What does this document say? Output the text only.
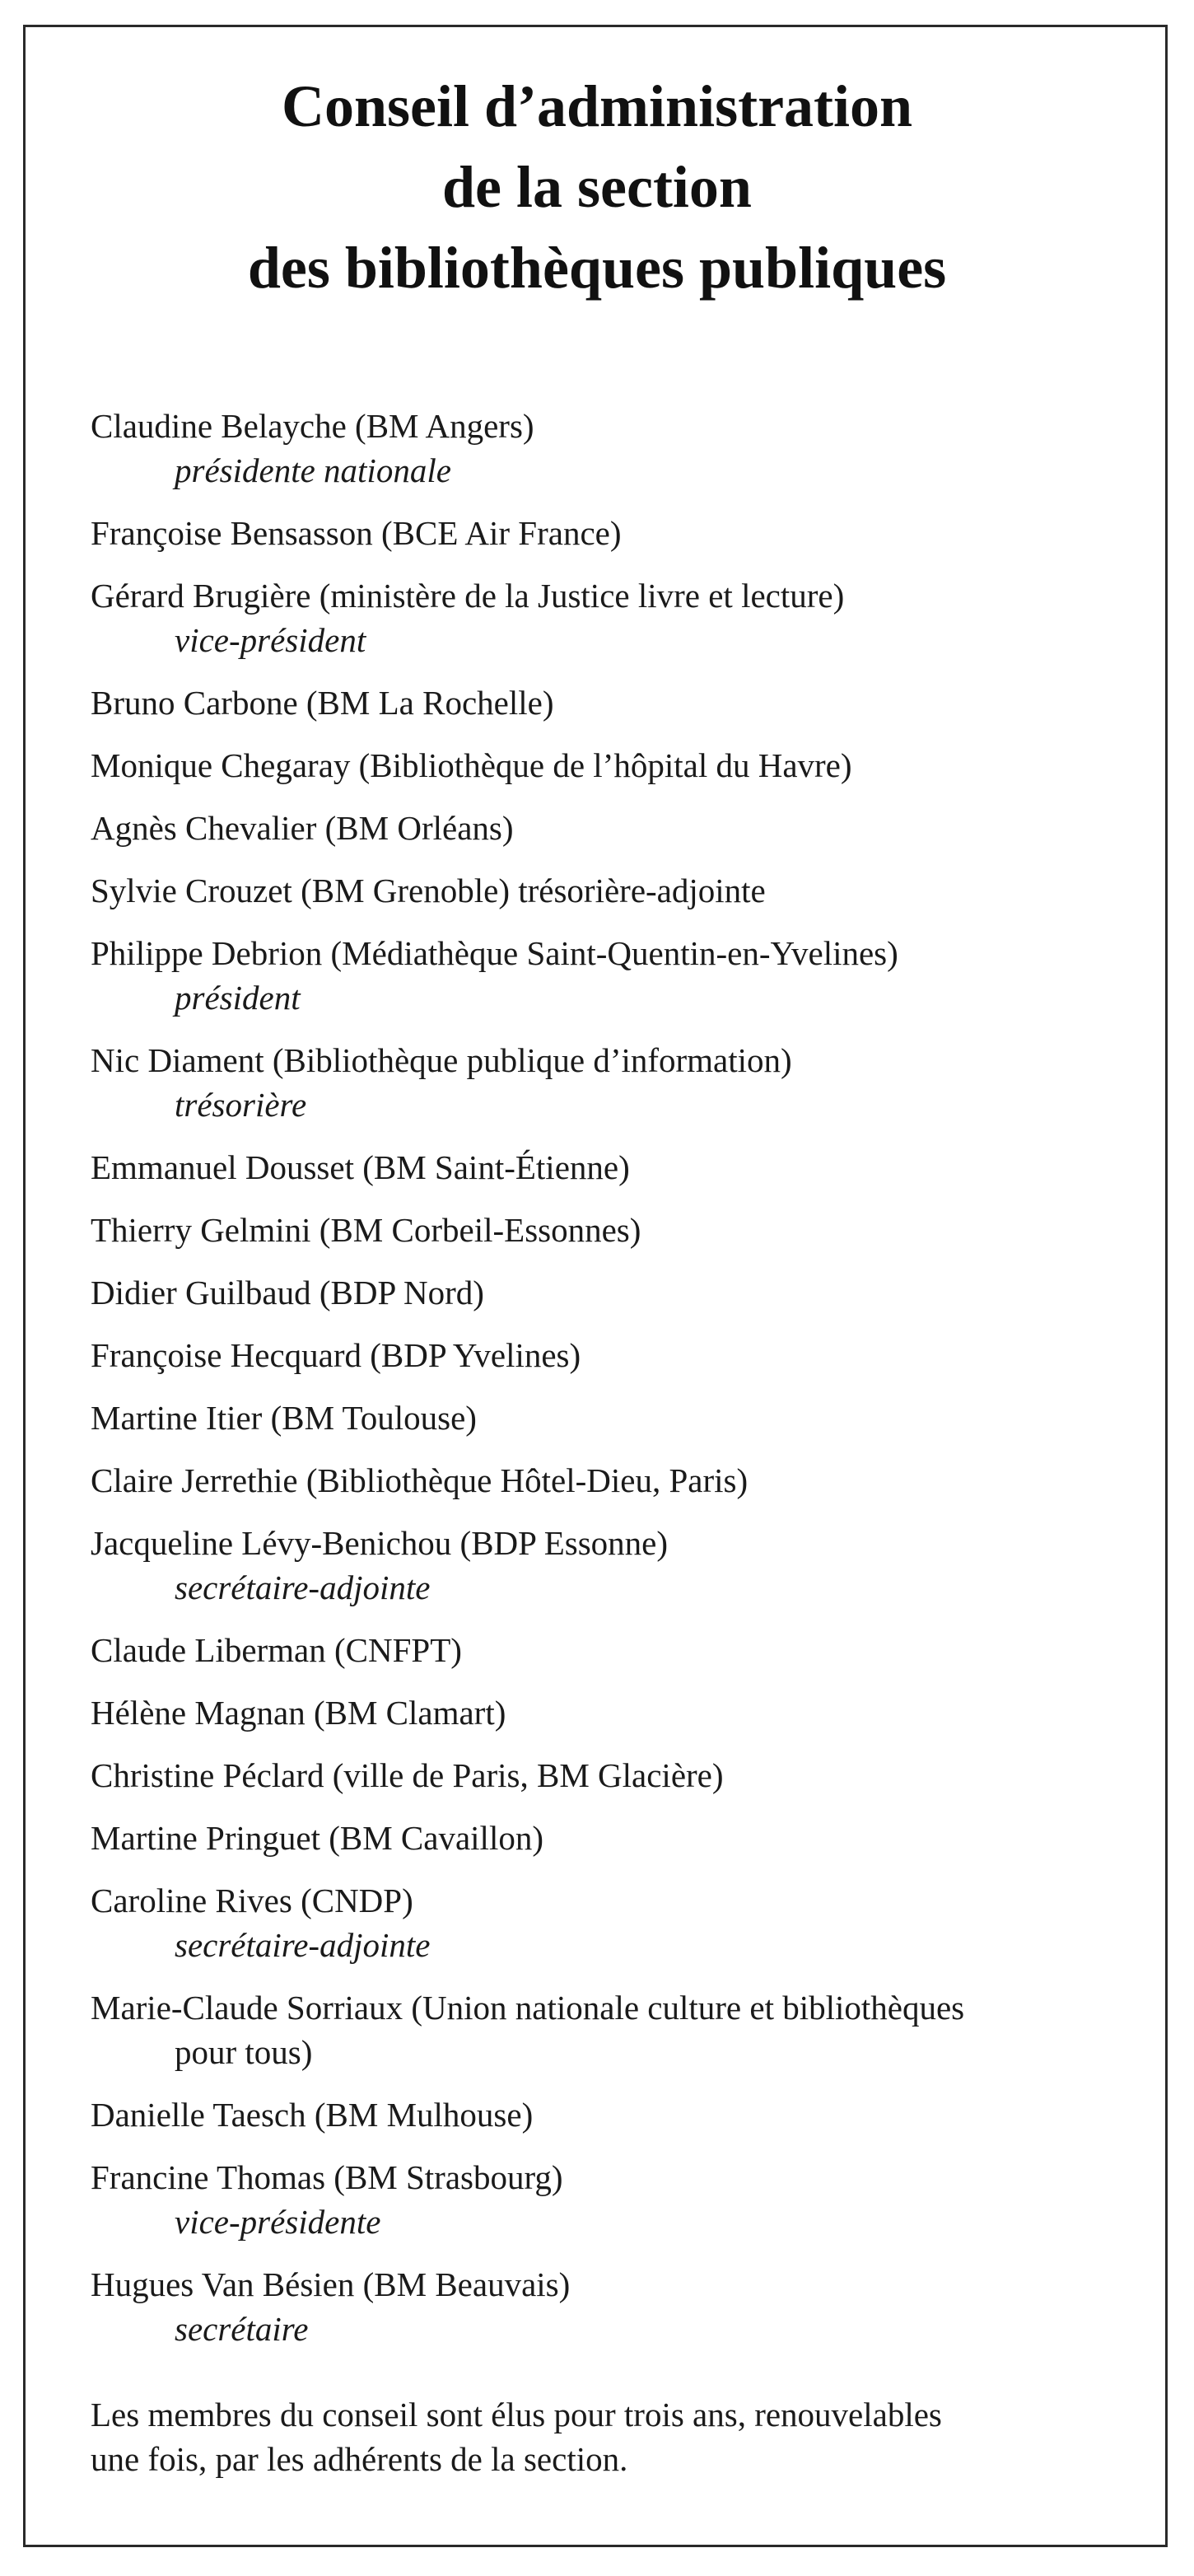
Conseil d’administration
de la section
des bibliothèques publiques
Claudine Belayche (BM Angers)
présidente nationale
Françoise Bensasson (BCE Air France)
Gérard Brugière (ministère de la Justice livre et lecture)
vice-président
Bruno Carbone (BM La Rochelle)
Monique Chegaray (Bibliothèque de l’hôpital du Havre)
Agnès Chevalier (BM Orléans)
Sylvie Crouzet (BM Grenoble) trésorière-adjointe
Philippe Debrion (Médiathèque Saint-Quentin-en-Yvelines)
président
Nic Diament (Bibliothèque publique d’information)
trésorière
Emmanuel Dousset (BM Saint-Étienne)
Thierry Gelmini (BM Corbeil-Essonnes)
Didier Guilbaud (BDP Nord)
Françoise Hecquard (BDP Yvelines)
Martine Itier (BM Toulouse)
Claire Jerrethie (Bibliothèque Hôtel-Dieu, Paris)
Jacqueline Lévy-Benichou (BDP Essonne)
secrétaire-adjointe
Claude Liberman (CNFPT)
Hélène Magnan (BM Clamart)
Christine Péclard (ville de Paris, BM Glacière)
Martine Pringuet (BM Cavaillon)
Caroline Rives (CNDP)
secrétaire-adjointe
Marie-Claude Sorriaux (Union nationale culture et bibliothèques
pour tous)
Danielle Taesch (BM Mulhouse)
Francine Thomas (BM Strasbourg)
vice-présidente
Hugues Van Bésien (BM Beauvais)
secrétaire

Les membres du conseil sont élus pour trois ans, renouvelables
une fois, par les adhérents de la section.
